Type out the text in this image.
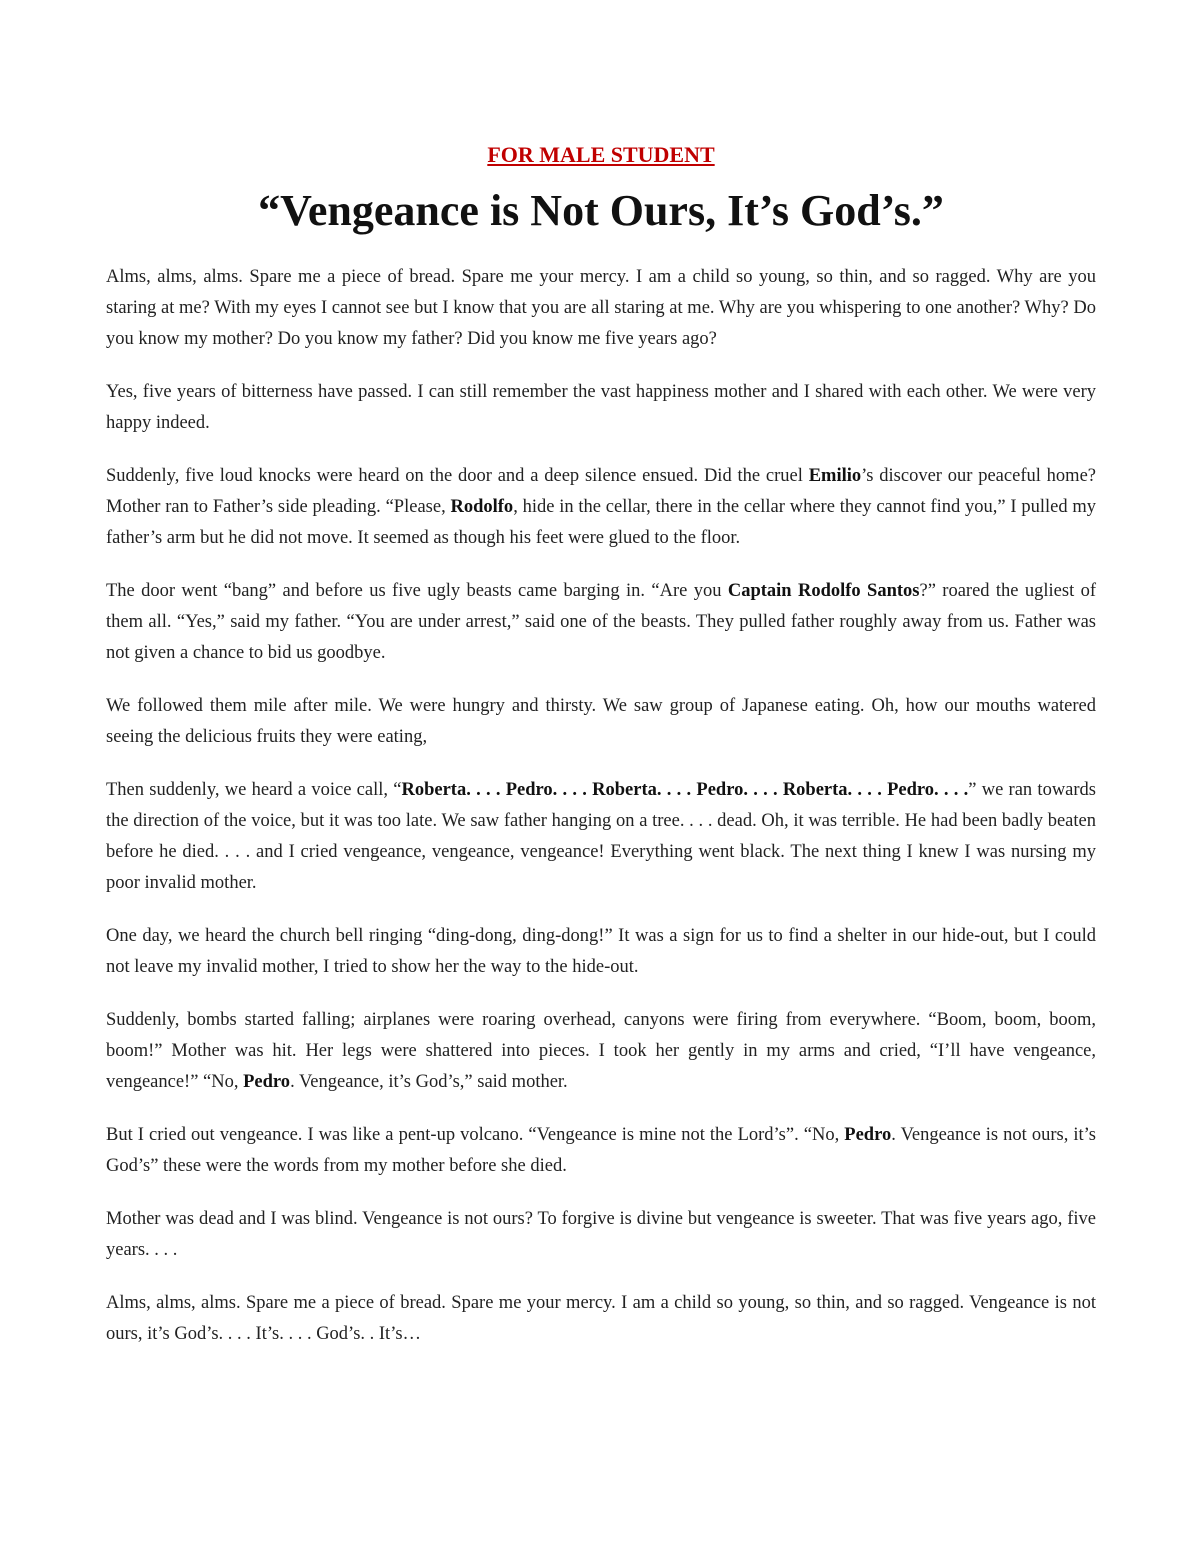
FOR MALE STUDENT
“Vengeance is Not Ours, It’s God’s.”

Alms, alms, alms. Spare me a piece of bread. Spare me your mercy. I am a child so young, so thin, and so ragged. Why are you staring at me? With my eyes I cannot see but I know that you are all staring at me. Why are you whispering to one another? Why? Do you know my mother? Do you know my father? Did you know me five years ago?

Yes, five years of bitterness have passed. I can still remember the vast happiness mother and I shared with each other. We were very happy indeed.

Suddenly, five loud knocks were heard on the door and a deep silence ensued. Did the cruel Emilio’s discover our peaceful home? Mother ran to Father’s side pleading. “Please, Rodolfo, hide in the cellar, there in the cellar where they cannot find you,” I pulled my father’s arm but he did not move. It seemed as though his feet were glued to the floor.

The door went “bang” and before us five ugly beasts came barging in. “Are you Captain Rodolfo Santos?” roared the ugliest of them all. “Yes,” said my father. “You are under arrest,” said one of the beasts. They pulled father roughly away from us. Father was not given a chance to bid us goodbye.

We followed them mile after mile. We were hungry and thirsty. We saw group of Japanese eating. Oh, how our mouths watered seeing the delicious fruits they were eating,

Then suddenly, we heard a voice call, “Roberta. . . . Pedro. . . . Roberta. . . . Pedro. . . . Roberta. . . . Pedro. . . .” we ran towards the direction of the voice, but it was too late. We saw father hanging on a tree. . . . dead. Oh, it was terrible. He had been badly beaten before he died. . . . and I cried vengeance, vengeance, vengeance! Everything went black. The next thing I knew I was nursing my poor invalid mother.

One day, we heard the church bell ringing “ding-dong, ding-dong!” It was a sign for us to find a shelter in our hide-out, but I could not leave my invalid mother, I tried to show her the way to the hide-out.

Suddenly, bombs started falling; airplanes were roaring overhead, canyons were firing from everywhere. “Boom, boom, boom, boom!” Mother was hit. Her legs were shattered into pieces. I took her gently in my arms and cried, “I’ll have vengeance, vengeance!” “No, Pedro. Vengeance, it’s God’s,” said mother.

But I cried out vengeance. I was like a pent-up volcano. “Vengeance is mine not the Lord’s”. “No, Pedro. Vengeance is not ours, it’s God’s” these were the words from my mother before she died.

Mother was dead and I was blind. Vengeance is not ours? To forgive is divine but vengeance is sweeter. That was five years ago, five years. . . .

Alms, alms, alms. Spare me a piece of bread. Spare me your mercy. I am a child so young, so thin, and so ragged. Vengeance is not ours, it’s God’s. . . . It’s. . . . God’s. . It’s…
